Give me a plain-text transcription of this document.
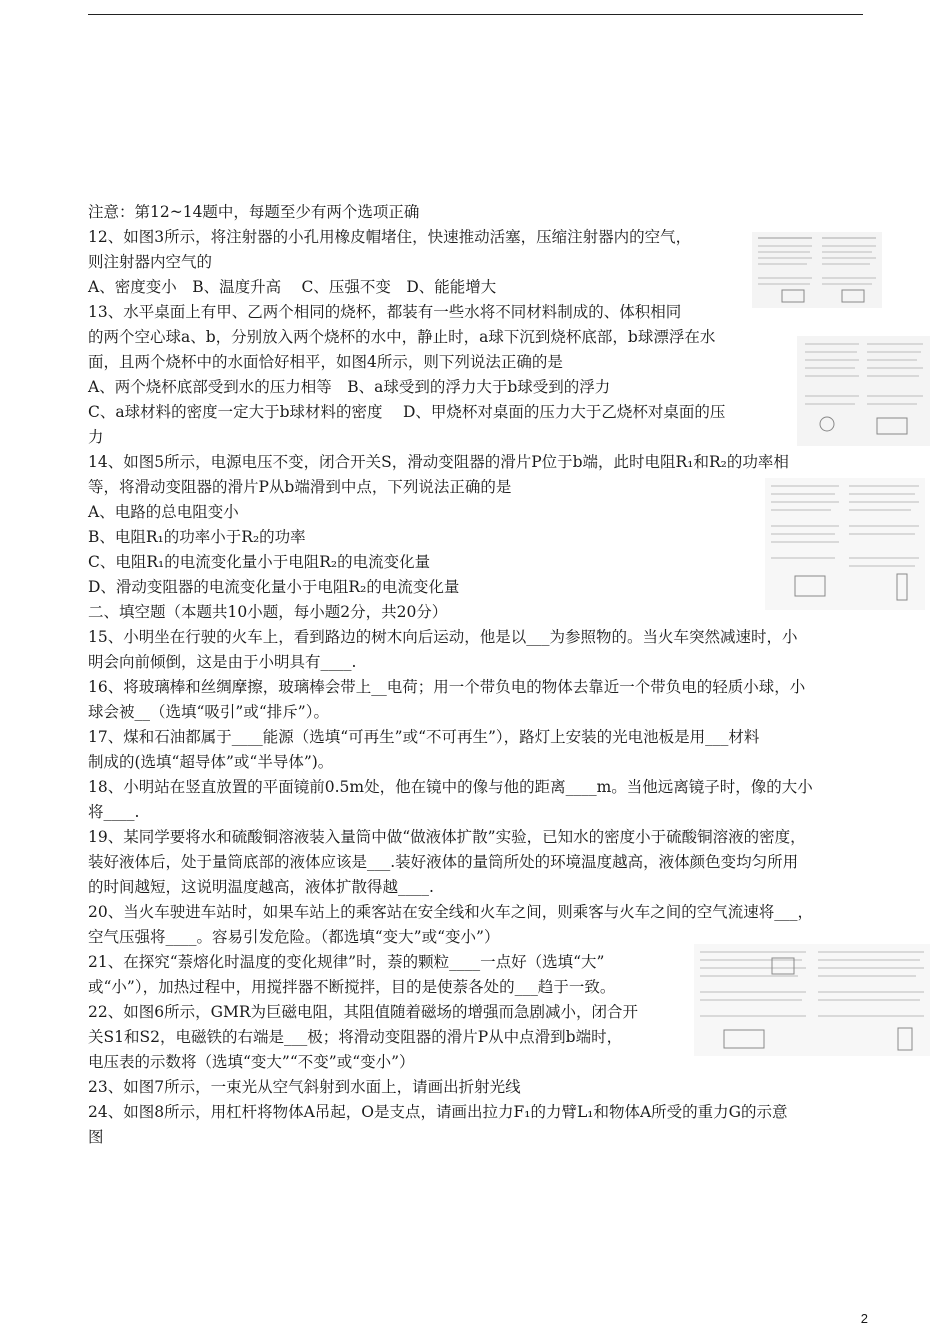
注意：第12~14题中，每题至少有两个选项正确
12、如图3所示，将注射器的小孔用橡皮帽堵住，快速推动活塞，压缩注射器内的空气，
则注射器内空气的
A、密度变小　B、温度升高　 C、压强不变　D、能能增大
13、水平桌面上有甲、乙两个相同的烧杯，都装有一些水将不同材料制成的、体积相同
的两个空心球a、b，分别放入两个烧杯的水中，静止时，a球下沉到烧杯底部，b球漂浮在水
面，且两个烧杯中的水面恰好相平，如图4所示，则下列说法正确的是
A、两个烧杯底部受到水的压力相等　B、a球受到的浮力大于b球受到的浮力
C、a球材料的密度一定大于b球材料的密度　 D、甲烧杯对桌面的压力大于乙烧杯对桌面的压
力
14、如图5所示，电源电压不变，闭合开关S，滑动变阻器的滑片P位于b端，此时电阻R₁和R₂的功率相
等，将滑动变阻器的滑片P从b端滑到中点，下列说法正确的是
A、电路的总电阻变小
B、电阻R₁的功率小于R₂的功率
C、电阻R₁的电流变化量小于电阻R₂的电流变化量
D、滑动变阻器的电流变化量小于电阻R₂的电流变化量
二、填空题（本题共10小题，每小题2分，共20分）
15、小明坐在行驶的火车上，看到路边的树木向后运动，他是以___为参照物的。当火车突然减速时，小
明会向前倾倒，这是由于小明具有____.
16、将玻璃棒和丝绸摩擦，玻璃棒会带上__电荷；用一个带负电的物体去靠近一个带负电的轻质小球，小
球会被__（选填“吸引”或“排斥”）。
17、煤和石油都属于____能源（选填“可再生”或“不可再生”），路灯上安装的光电池板是用___材料
制成的(选填“超导体”或“半导体”)。
18、小明站在竖直放置的平面镜前0.5m处，他在镜中的像与他的距离____m。当他远离镜子时，像的大小
将____.
19、某同学要将水和硫酸铜溶液装入量筒中做“做液体扩散”实验，已知水的密度小于硫酸铜溶液的密度，
装好液体后，处于量筒底部的液体应该是___.装好液体的量筒所处的环境温度越高，液体颜色变均匀所用
的时间越短，这说明温度越高，液体扩散得越____.
20、当火车驶进车站时，如果车站上的乘客站在安全线和火车之间，则乘客与火车之间的空气流速将___，
空气压强将____。容易引发危险。（都选填“变大”或“变小”）
21、在探究“萘熔化时温度的变化规律”时，萘的颗粒____一点好（选填“大”
或“小”），加热过程中，用搅拌器不断搅拌，目的是使萘各处的___趋于一致。
22、如图6所示，GMR为巨磁电阻，其阻值随着磁场的增强而急剧减小，闭合开
关S1和S2，电磁铁的右端是___极；将滑动变阻器的滑片P从中点滑到b端时，
电压表的示数将（选填“变大”“不变”或“变小”）
23、如图7所示，一束光从空气斜射到水面上，请画出折射光线
24、如图8所示，用杠杆将物体A吊起，O是支点，请画出拉力F₁的力臂L₁和物体A所受的重力G的示意
图
2
